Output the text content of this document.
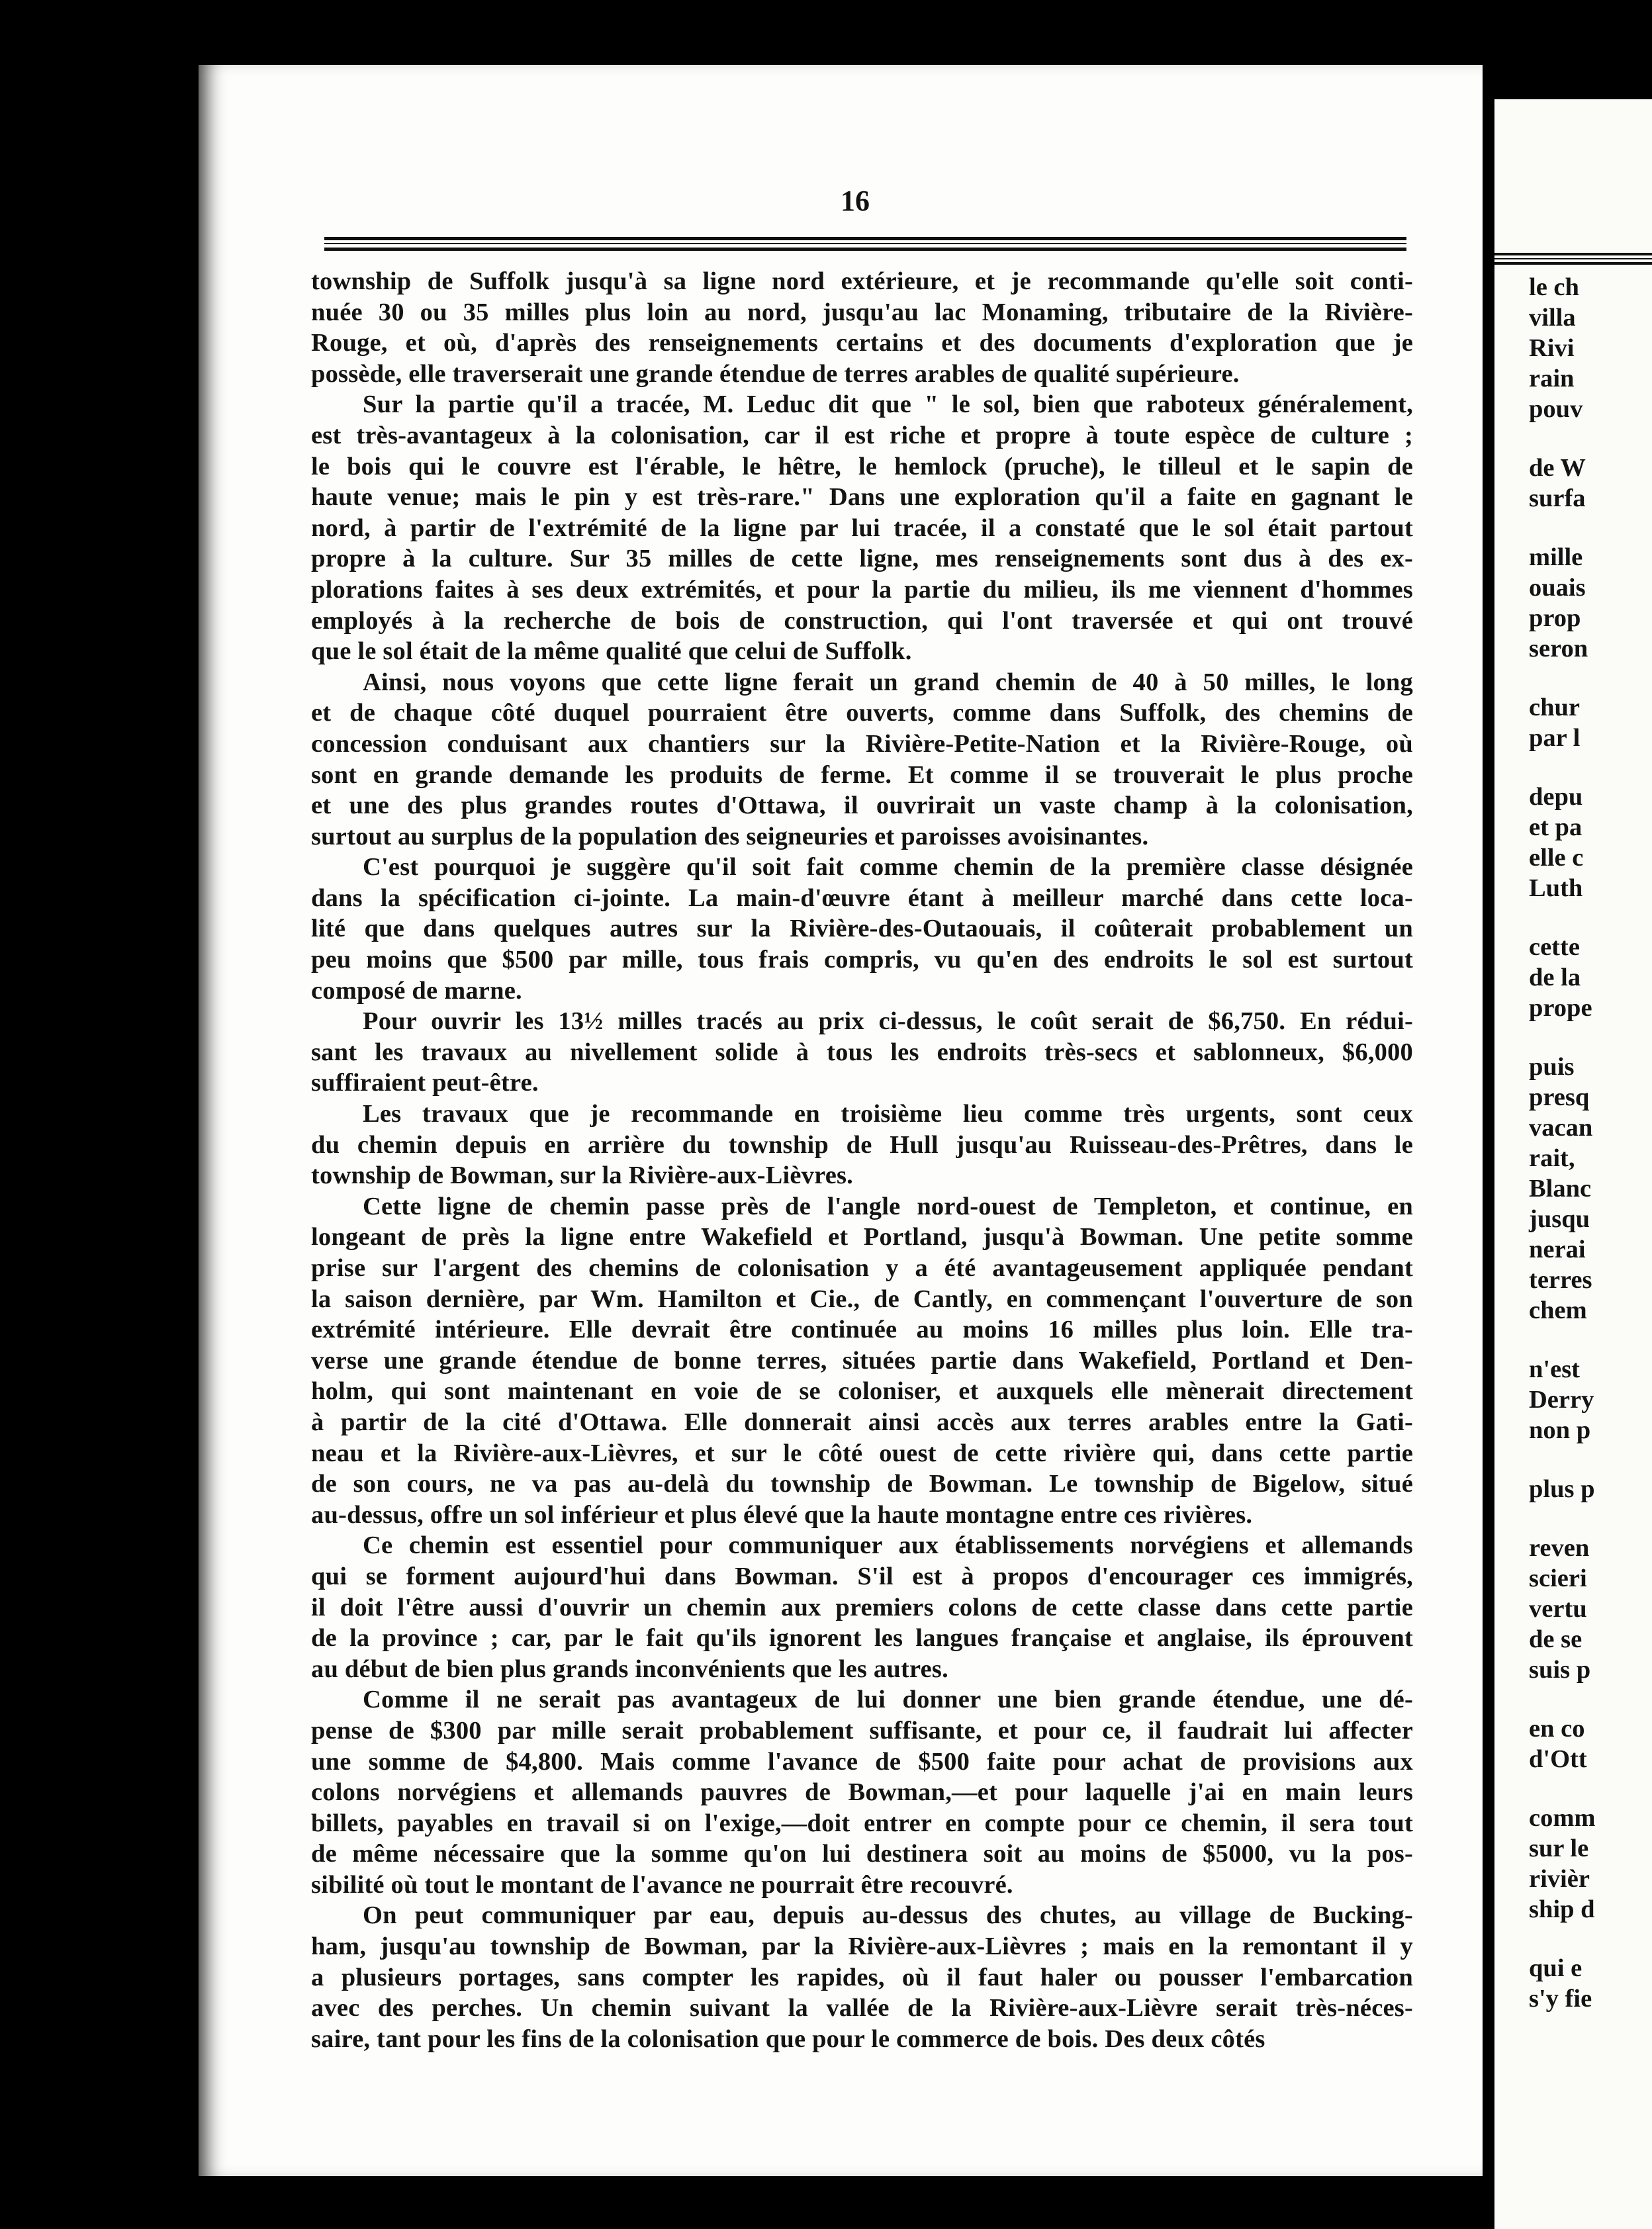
le ch
villa
Rivi
rain
pouv
de W
surfa
mille
ouais
prop
seron
chur
par l
depu
et pa
elle c
Luth
cette
de la
prope
puis
presq
vacan
rait,
Blanc
jusqu
nerai
terres
chem
n'est
Derry
non p
plus p
reven
scieri
vertu
de se
suis p
en co
d'Ott
comm
sur le
rivièr
ship d
qui e
s'y fie
16

township de Suffolk jusqu'à sa ligne nord extérieure, et je recommande qu'elle soit conti-
nuée 30 ou 35 milles plus loin au nord, jusqu'au lac Monaming, tributaire de la Rivière-
Rouge, et où, d'après des renseignements certains et des documents d'exploration que je
possède, elle traverserait une grande étendue de terres arables de qualité supérieure.

Sur la partie qu'il a tracée, M. Leduc dit que " le sol, bien que raboteux généralement,
est très-avantageux à la colonisation, car il est riche et propre à toute espèce de culture ;
le bois qui le couvre est l'érable, le hêtre, le hemlock (pruche), le tilleul et le sapin de
haute venue; mais le pin y est très-rare." Dans une exploration qu'il a faite en gagnant le
nord, à partir de l'extrémité de la ligne par lui tracée, il a constaté que le sol était partout
propre à la culture. Sur 35 milles de cette ligne, mes renseignements sont dus à des ex-
plorations faites à ses deux extrémités, et pour la partie du milieu, ils me viennent d'hommes
employés à la recherche de bois de construction, qui l'ont traversée et qui ont trouvé
que le sol était de la même qualité que celui de Suffolk.

Ainsi, nous voyons que cette ligne ferait un grand chemin de 40 à 50 milles, le long
et de chaque côté duquel pourraient être ouverts, comme dans Suffolk, des chemins de
concession conduisant aux chantiers sur la Rivière-Petite-Nation et la Rivière-Rouge, où
sont en grande demande les produits de ferme. Et comme il se trouverait le plus proche
et une des plus grandes routes d'Ottawa, il ouvrirait un vaste champ à la colonisation,
surtout au surplus de la population des seigneuries et paroisses avoisinantes.

C'est pourquoi je suggère qu'il soit fait comme chemin de la première classe désignée
dans la spécification ci-jointe. La main-d'œuvre étant à meilleur marché dans cette loca-
lité que dans quelques autres sur la Rivière-des-Outaouais, il coûterait probablement un
peu moins que $500 par mille, tous frais compris, vu qu'en des endroits le sol est surtout
composé de marne.

Pour ouvrir les 13½ milles tracés au prix ci-dessus, le coût serait de $6,750. En rédui-
sant les travaux au nivellement solide à tous les endroits très-secs et sablonneux, $6,000
suffiraient peut-être.

Les travaux que je recommande en troisième lieu comme très urgents, sont ceux
du chemin depuis en arrière du township de Hull jusqu'au Ruisseau-des-Prêtres, dans le
township de Bowman, sur la Rivière-aux-Lièvres.

Cette ligne de chemin passe près de l'angle nord-ouest de Templeton, et continue, en
longeant de près la ligne entre Wakefield et Portland, jusqu'à Bowman. Une petite somme
prise sur l'argent des chemins de colonisation y a été avantageusement appliquée pendant
la saison dernière, par Wm. Hamilton et Cie., de Cantly, en commençant l'ouverture de son
extrémité intérieure. Elle devrait être continuée au moins 16 milles plus loin. Elle tra-
verse une grande étendue de bonne terres, situées partie dans Wakefield, Portland et Den-
holm, qui sont maintenant en voie de se coloniser, et auxquels elle mènerait directement
à partir de la cité d'Ottawa. Elle donnerait ainsi accès aux terres arables entre la Gati-
neau et la Rivière-aux-Lièvres, et sur le côté ouest de cette rivière qui, dans cette partie
de son cours, ne va pas au-delà du township de Bowman. Le township de Bigelow, situé
au-dessus, offre un sol inférieur et plus élevé que la haute montagne entre ces rivières.

Ce chemin est essentiel pour communiquer aux établissements norvégiens et allemands
qui se forment aujourd'hui dans Bowman. S'il est à propos d'encourager ces immigrés,
il doit l'être aussi d'ouvrir un chemin aux premiers colons de cette classe dans cette partie
de la province ; car, par le fait qu'ils ignorent les langues française et anglaise, ils éprouvent
au début de bien plus grands inconvénients que les autres.

Comme il ne serait pas avantageux de lui donner une bien grande étendue, une dé-
pense de $300 par mille serait probablement suffisante, et pour ce, il faudrait lui affecter
une somme de $4,800. Mais comme l'avance de $500 faite pour achat de provisions aux
colons norvégiens et allemands pauvres de Bowman,—et pour laquelle j'ai en main leurs
billets, payables en travail si on l'exige,—doit entrer en compte pour ce chemin, il sera tout
de même nécessaire que la somme qu'on lui destinera soit au moins de $5000, vu la pos-
sibilité où tout le montant de l'avance ne pourrait être recouvré.

On peut communiquer par eau, depuis au-dessus des chutes, au village de Bucking-
ham, jusqu'au township de Bowman, par la Rivière-aux-Lièvres ; mais en la remontant il y
a plusieurs portages, sans compter les rapides, où il faut haler ou pousser l'embarcation
avec des perches. Un chemin suivant la vallée de la Rivière-aux-Lièvre serait très-néces-
saire, tant pour les fins de la colonisation que pour le commerce de bois. Des deux côtés
